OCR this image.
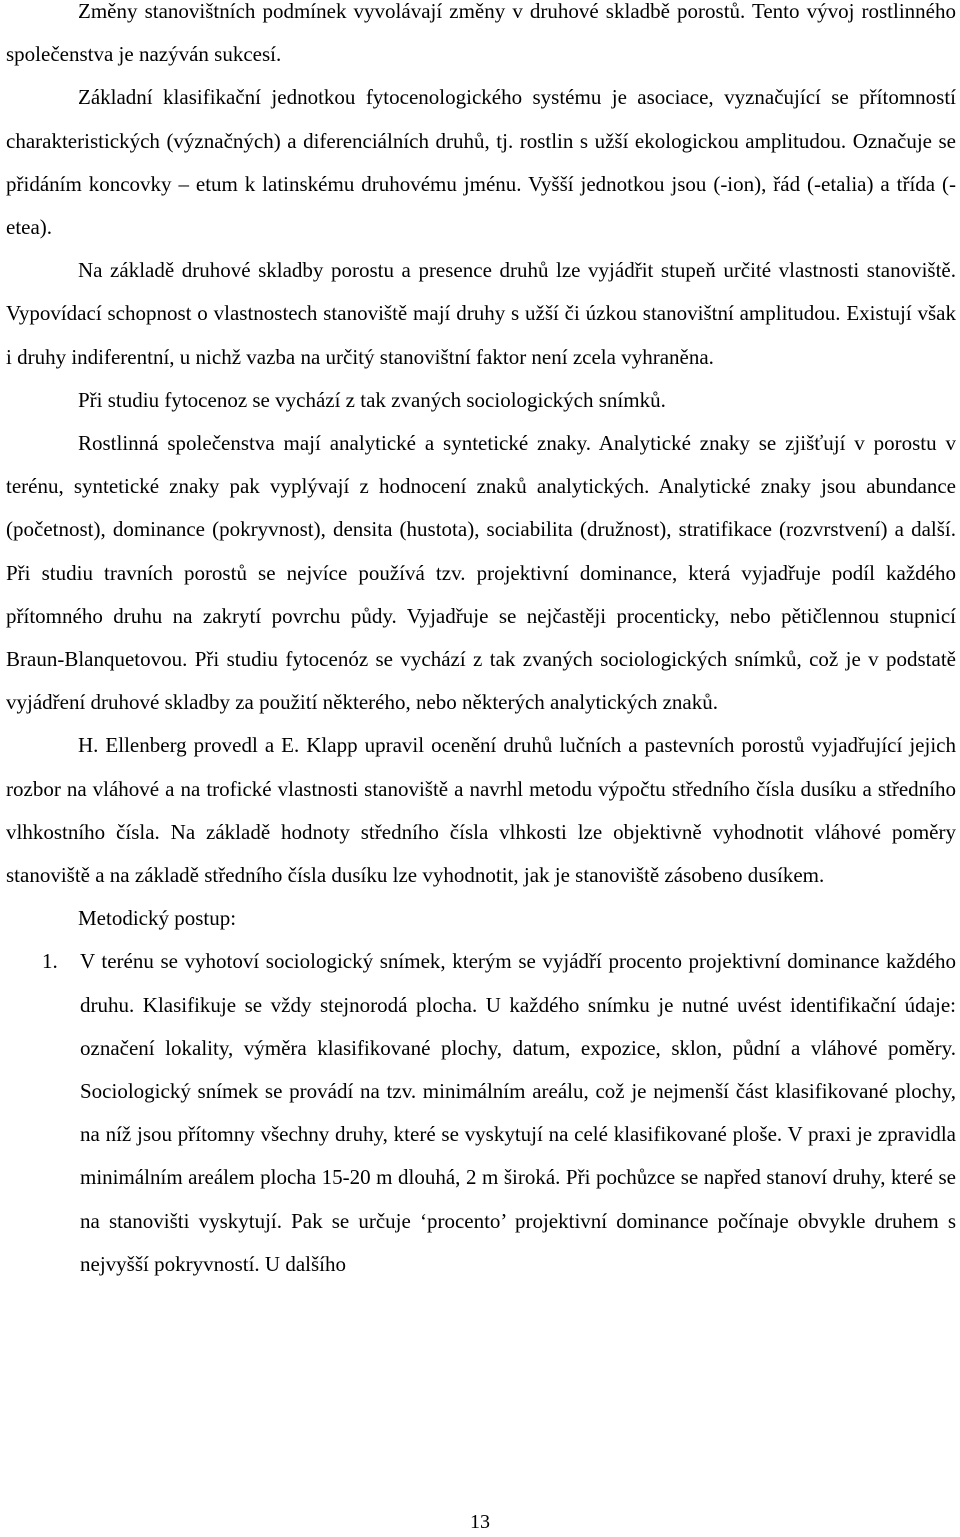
Změny stanovištních podmínek vyvolávají změny v druhové skladbě porostů. Tento vývoj rostlinného společenstva je nazýván sukcesí.

Základní klasifikační jednotkou fytocenologického systému je asociace, vyznačující se přítomností charakteristických (význačných) a diferenciálních druhů, tj. rostlin s užší ekologickou amplitudou. Označuje se přidáním koncovky – etum k latinskému druhovému jménu. Vyšší jednotkou jsou (-ion), řád (-etalia) a třída (-etea).

Na základě druhové skladby porostu a presence druhů lze vyjádřit stupeň určité vlastnosti stanoviště. Vypovídací schopnost o vlastnostech stanoviště mají druhy s užší či úzkou stanovištní amplitudou. Existují však i druhy indiferentní, u nichž vazba na určitý stanovištní faktor není zcela vyhraněna.

Při studiu fytocenoz se vychází z tak zvaných sociologických snímků.

Rostlinná společenstva mají analytické a syntetické znaky. Analytické znaky se zjišťují v porostu v terénu, syntetické znaky pak vyplývají z hodnocení znaků analytických. Analytické znaky jsou abundance (početnost), dominance (pokryvnost), densita (hustota), sociabilita (družnost), stratifikace (rozvrstvení) a další. Při studiu travních porostů se nejvíce používá tzv. projektivní dominance, která vyjadřuje podíl každého přítomného druhu na zakrytí povrchu půdy. Vyjadřuje se nejčastěji procenticky, nebo pětičlennou stupnicí Braun-Blanquetovou. Při studiu fytocenóz se vychází z tak zvaných sociologických snímků, což je v podstatě vyjádření druhové skladby za použití některého, nebo některých analytických znaků.

H. Ellenberg provedl a E. Klapp upravil ocenění druhů lučních a pastevních porostů vyjadřující jejich rozbor na vláhové a na trofické vlastnosti stanoviště a navrhl metodu výpočtu středního čísla dusíku a středního vlhkostního čísla. Na základě hodnoty středního čísla vlhkosti lze objektivně vyhodnotit vláhové poměry stanoviště a na základě středního čísla dusíku lze vyhodnotit, jak je stanoviště zásobeno dusíkem.

Metodický postup:

1. V terénu se vyhotoví sociologický snímek, kterým se vyjádří procento projektivní dominance každého druhu. Klasifikuje se vždy stejnorodá plocha. U každého snímku je nutné uvést identifikační údaje: označení lokality, výměra klasifikované plochy, datum, expozice, sklon, půdní a vláhové poměry. Sociologický snímek se provádí na tzv. minimálním areálu, což je nejmenší část klasifikované plochy, na níž jsou přítomny všechny druhy, které se vyskytují na celé klasifikované ploše. V praxi je zpravidla minimálním areálem plocha 15-20 m dlouhá, 2 m široká. Při pochůzce se napřed stanoví druhy, které se na stanovišti vyskytují. Pak se určuje ‘procento’ projektivní dominance počínaje obvykle druhem s nejvyšší pokryvností. U dalšího
13
